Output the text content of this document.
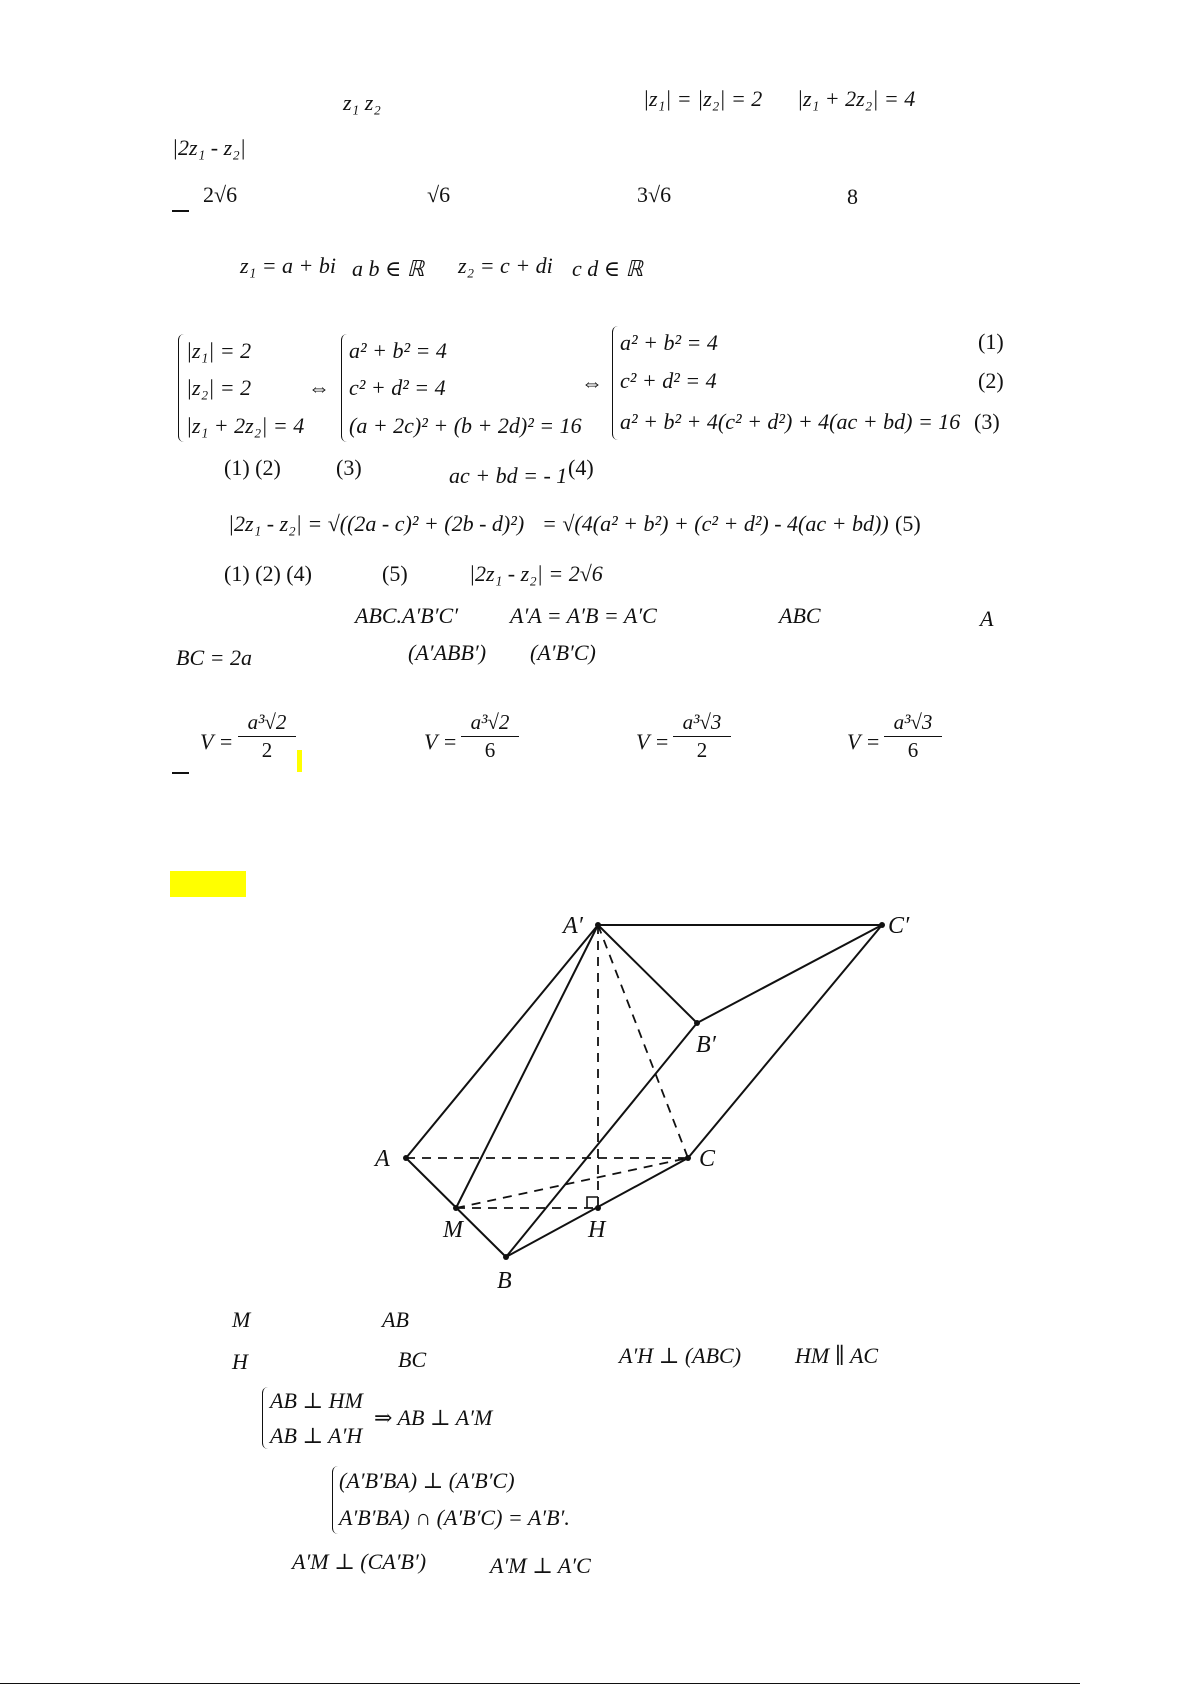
z₁ z₂	|z₁| = |z₂| = 2 |z₁ + 2z₂| = 4
|2z₁ - z₂|
2√6	√6	3√6	8
z₁ = a + bi a b ∈ ℝ z₂ = c + di c d ∈ ℝ
|z₁| = 2
|z₂| = 2
|z₁ + 2z₂| = 4
⇔
a² + b² = 4
c² + d² = 4
(a + 2c)² + (b + 2d)² = 16
⇔
a² + b² = 4
c² + d² = 4
a² + b² + 4(c² + d²) + 4(ac + bd) = 16
(1)
(2)
(3)
(1) (2)	(3)	ac + bd = - 1 (4)
|2z₁ - z₂| = √((2a - c)² + (2b - d)²) = √(4(a² + b²) + (c² + d²) - 4(ac + bd)) (5)
(1) (2) (4)	(5)	|2z₁ - z₂| = 2√6
ABC.A′B′C′ A′A = A′B = A′C	ABC	A
BC = 2a	(A′ABB′) (A′B′C)
$V = \frac{\text{a³√2}}{2}$	$V = \frac{\text{a³√2}}{6}$	$V = \frac{\text{a³√3}}{2}$	$V = \frac{\text{a³√3}}{6}$
A′	C′
B′
A	C
M	H
B
M	AB
H	BC	A′H ⊥ (ABC) HM ∥ AC
AB ⊥ HM
AB ⊥ A′H
⇒ AB ⊥ A′M
(A′B′BA) ⊥ (A′B′C)
A′B′BA) ∩ (A′B′C) = A′B′.
A′M ⊥ (CA′B′)	A′M ⊥ A′C
